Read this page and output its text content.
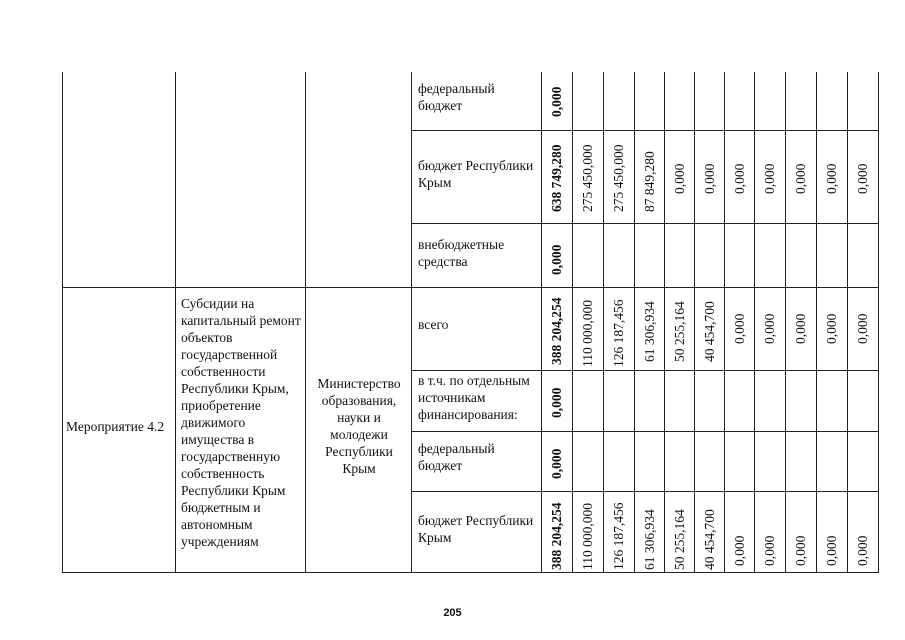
федеральный бюджет
бюджет Республики Крым
внебюджетные средства
0,000
638 749,280
0,000
275 450,000 275 450,000 87 849,280 0,000 0,000 0,000 0,000 0,000 0,000 0,000
Мероприятие 4.2
Субсидии на капитальный ремонт объектов государственной собственности Республики Крым, приобретение движимого имущества в государственную собственность Республики Крым бюджетным и автономным учреждениям
Министерство образования, науки и молодежи Республики Крым
всего
в т.ч. по отдельным источникам финансирования:
федеральный бюджет
бюджет Республики Крым
388 204,254
0,000
0,000
388 204,254
110 000,000 126 187,456 61 306,934 50 255,164 40 454,700 0,000 0,000 0,000 0,000 0,000
110 000,000 126 187,456 61 306,934 50 255,164 40 454,700 0,000 0,000 0,000 0,000 0,000
205
